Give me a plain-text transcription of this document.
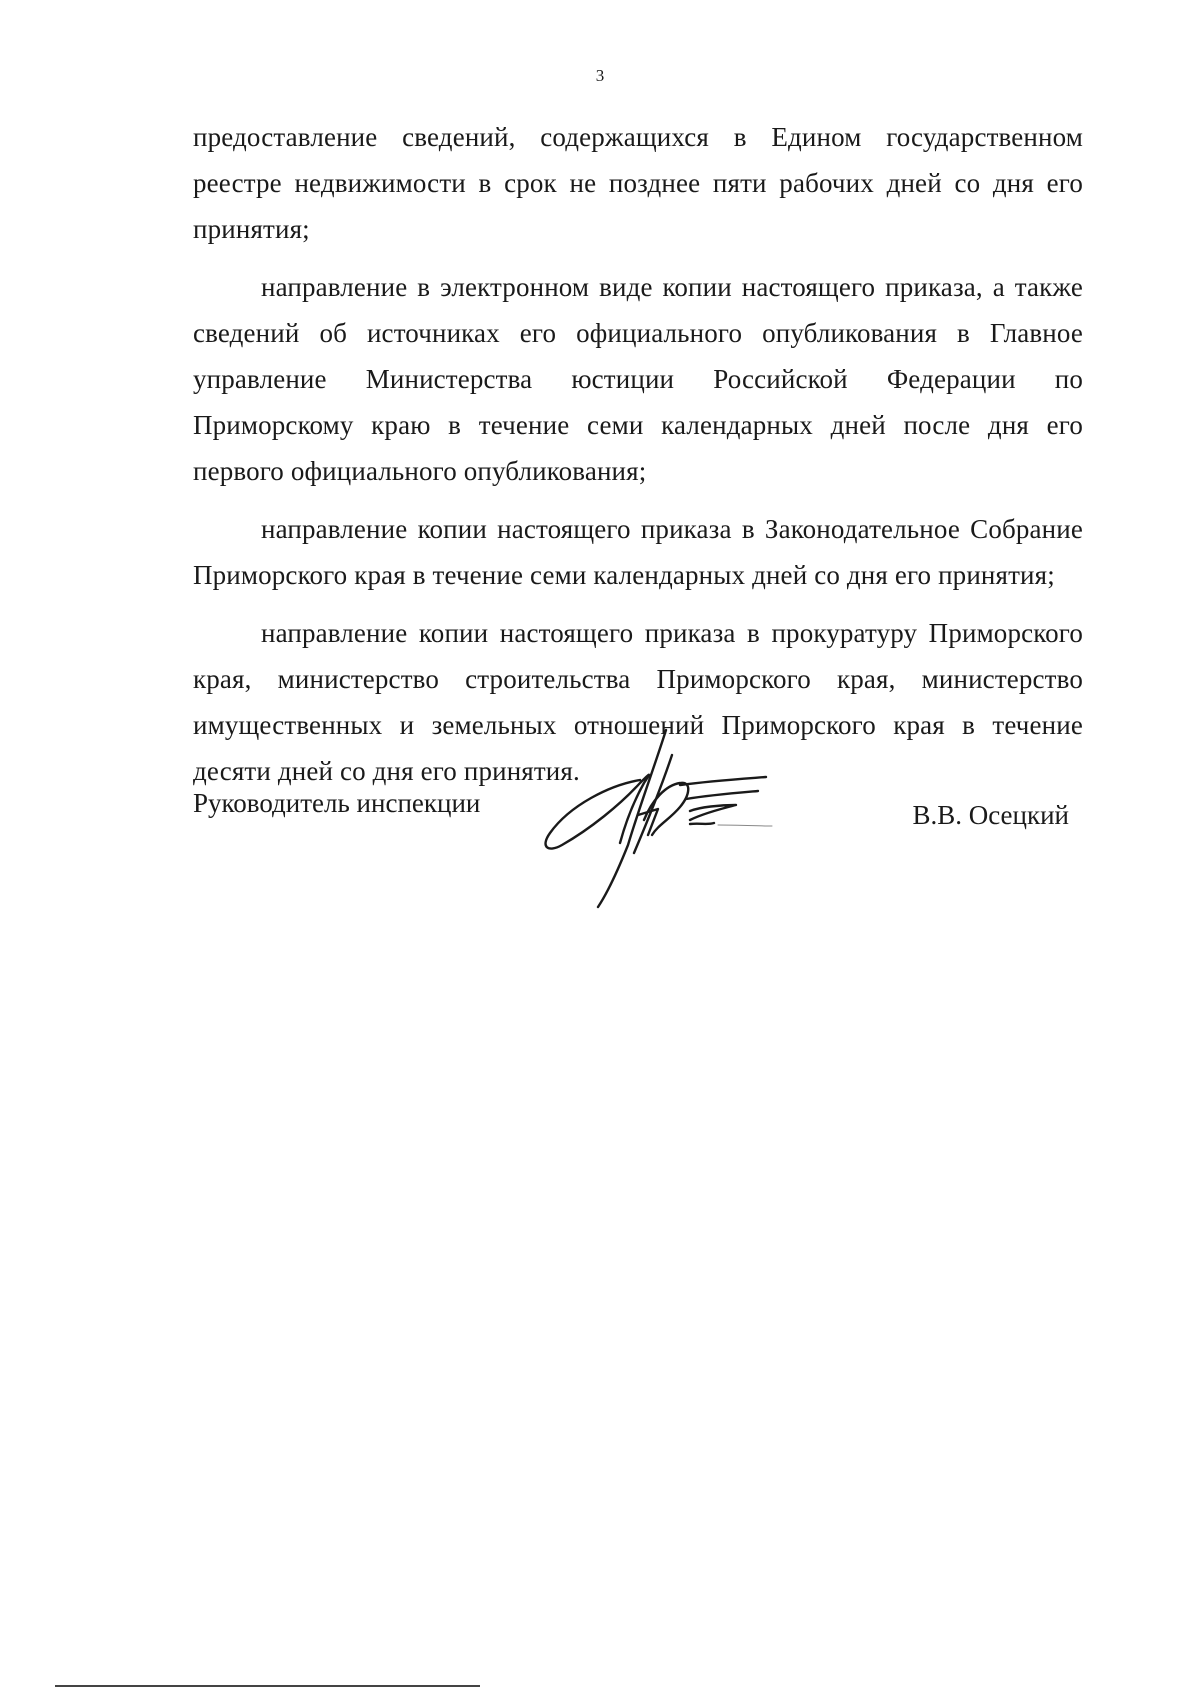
3

предоставление сведений, содержащихся в Едином государственном реестре недвижимости в срок не позднее пяти рабочих дней со дня его принятия;

направление в электронном виде копии настоящего приказа, а также сведений об источниках его официального опубликования в Главное управление Министерства юстиции Российской Федерации по Приморскому краю в течение семи календарных дней после дня его первого официального опубликования;

направление копии настоящего приказа в Законодательное Собрание Приморского края в течение семи календарных дней со дня его принятия;

направление копии настоящего приказа в прокуратуру Приморского края, министерство строительства Приморского края, министерство имущественных и земельных отношений Приморского края в течение десяти дней со дня его принятия.

Руководитель инспекции	В.В. Осецкий
